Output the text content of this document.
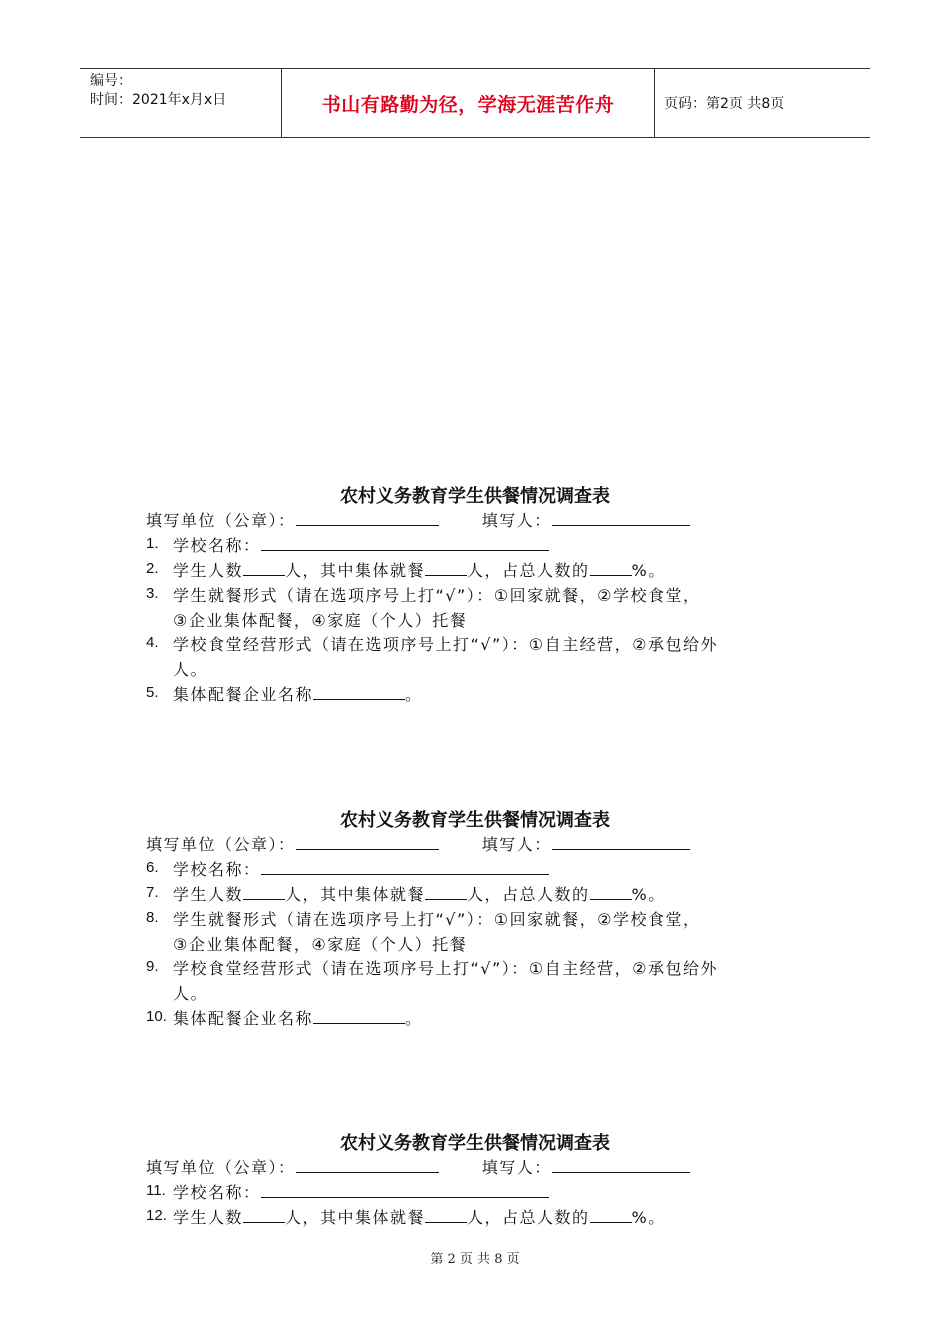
编号：
时间：2021年x月x日	书山有路勤为径，学海无涯苦作舟	页码：第2页 共8页
农村义务教育学生供餐情况调查表
填写单位（公章）：	填写人：
1. 学校名称：
2. 学生人数	人，其中集体就餐	人，占总人数的	%。
3. 学生就餐形式（请在选项序号上打“√”）：①回家就餐，②学校食堂，
③企业集体配餐，④家庭（个人）托餐
4. 学校食堂经营形式（请在选项序号上打“√”）：①自主经营，②承包给外
人。
5. 集体配餐企业名称	。
农村义务教育学生供餐情况调查表
填写单位（公章）：	填写人：
6. 学校名称：
7. 学生人数	人，其中集体就餐	人，占总人数的	%。
8. 学生就餐形式（请在选项序号上打“√”）：①回家就餐，②学校食堂，
③企业集体配餐，④家庭（个人）托餐
9. 学校食堂经营形式（请在选项序号上打“√”）：①自主经营，②承包给外
人。
10. 集体配餐企业名称	。
农村义务教育学生供餐情况调查表
填写单位（公章）：	填写人：
11. 学校名称：
12. 学生人数	人，其中集体就餐	人，占总人数的	%。
第 2 页 共 8 页
